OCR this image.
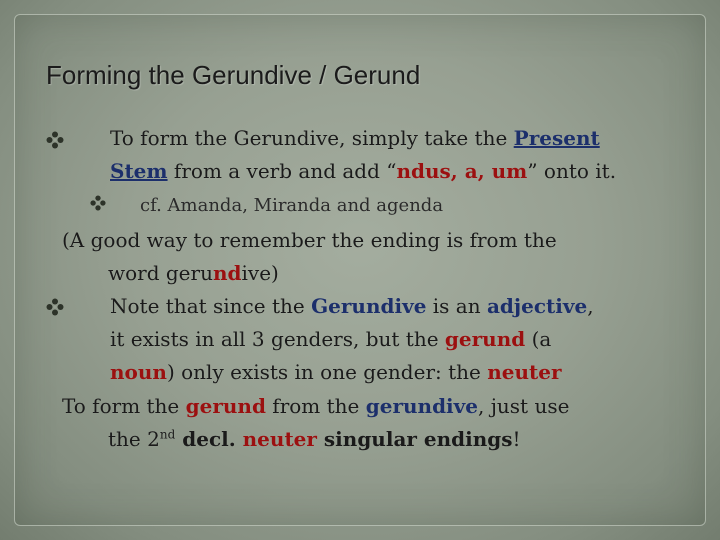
Forming the Gerundive / Gerund
To form the Gerundive, simply take the Present
Stem from a verb and add “ndus, a, um” onto it.
cf. Amanda, Miranda and agenda
(A good way to remember the ending is from the
word gerundive)
Note that since the Gerundive is an adjective,
it exists in all 3 genders, but the gerund (a
noun) only exists in one gender: the neuter
To form the gerund from the gerundive, just use
the 2nd decl. neuter singular endings!
